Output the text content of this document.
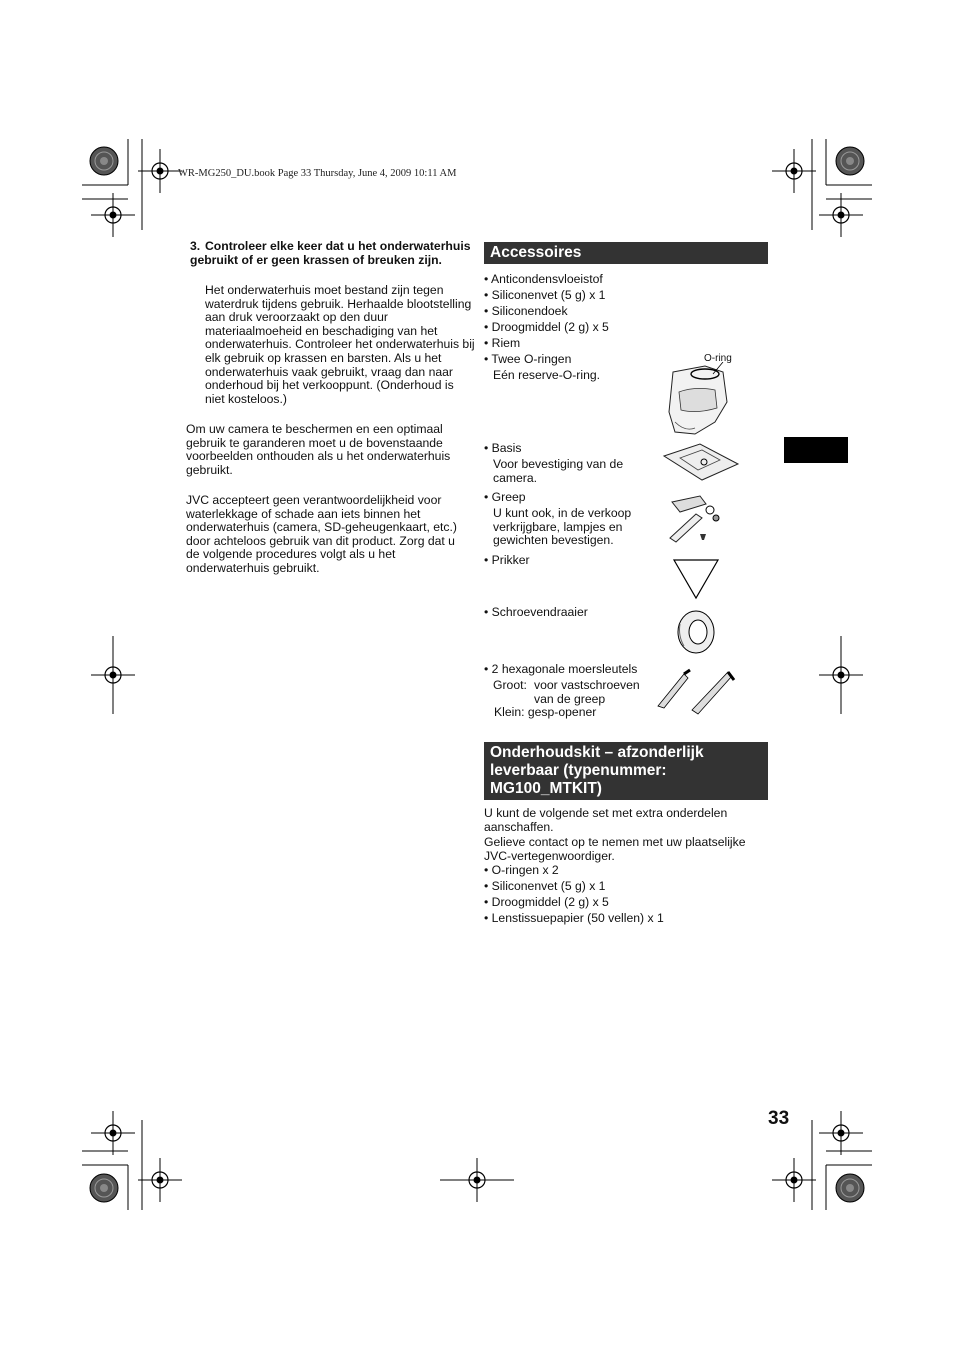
WR-MG250_DU.book Page 33 Thursday, June 4, 2009 10:11 AM
3. Controleer elke keer dat u het onderwaterhuis gebruikt of er geen krassen of breuken zijn.
Het onderwaterhuis moet bestand zijn tegen waterdruk tijdens gebruik. Herhaalde blootstelling aan druk veroorzaakt op den duur materiaalmoeheid en beschadiging van het onderwaterhuis. Controleer het onderwaterhuis bij elk gebruik op krassen en barsten. Als u het onderwaterhuis vaak gebruikt, vraag dan naar onderhoud bij het verkooppunt. (Onderhoud is niet kosteloos.)
Om uw camera te beschermen en een optimaal gebruik te garanderen moet u de bovenstaande voorbeelden onthouden als u het onderwaterhuis gebruikt.
JVC accepteert geen verantwoordelijkheid voor waterlekkage of schade aan iets binnen het onderwaterhuis (camera, SD-geheugenkaart, etc.) door achteloos gebruik van dit product. Zorg dat u de volgende procedures volgt als u het onderwaterhuis gebruikt.
Accessoires
• Anticondensvloeistof
• Siliconenvet (5 g) x 1
• Siliconendoek
• Droogmiddel (2 g) x 5
• Riem
• Twee O-ringen
Eén reserve-O-ring.
O-ring
• Basis
Voor bevestiging van de camera.
• Greep
U kunt ook, in de verkoop verkrijgbare, lampjes en gewichten bevestigen.
• Prikker
• Schroevendraaier
• 2 hexagonale moersleutels
Groot: voor vastschroeven van de greep
Klein: gesp-opener
Onderhoudskit – afzonderlijk leverbaar (typenummer: MG100_MTKIT)

U kunt de volgende set met extra onderdelen aanschaffen.

Gelieve contact op te nemen met uw plaatselijke JVC-vertegenwoordiger.

• O-ringen x 2
• Siliconenvet (5 g) x 1
• Droogmiddel (2 g) x 5
• Lenstissuepapier (50 vellen) x 1
33
